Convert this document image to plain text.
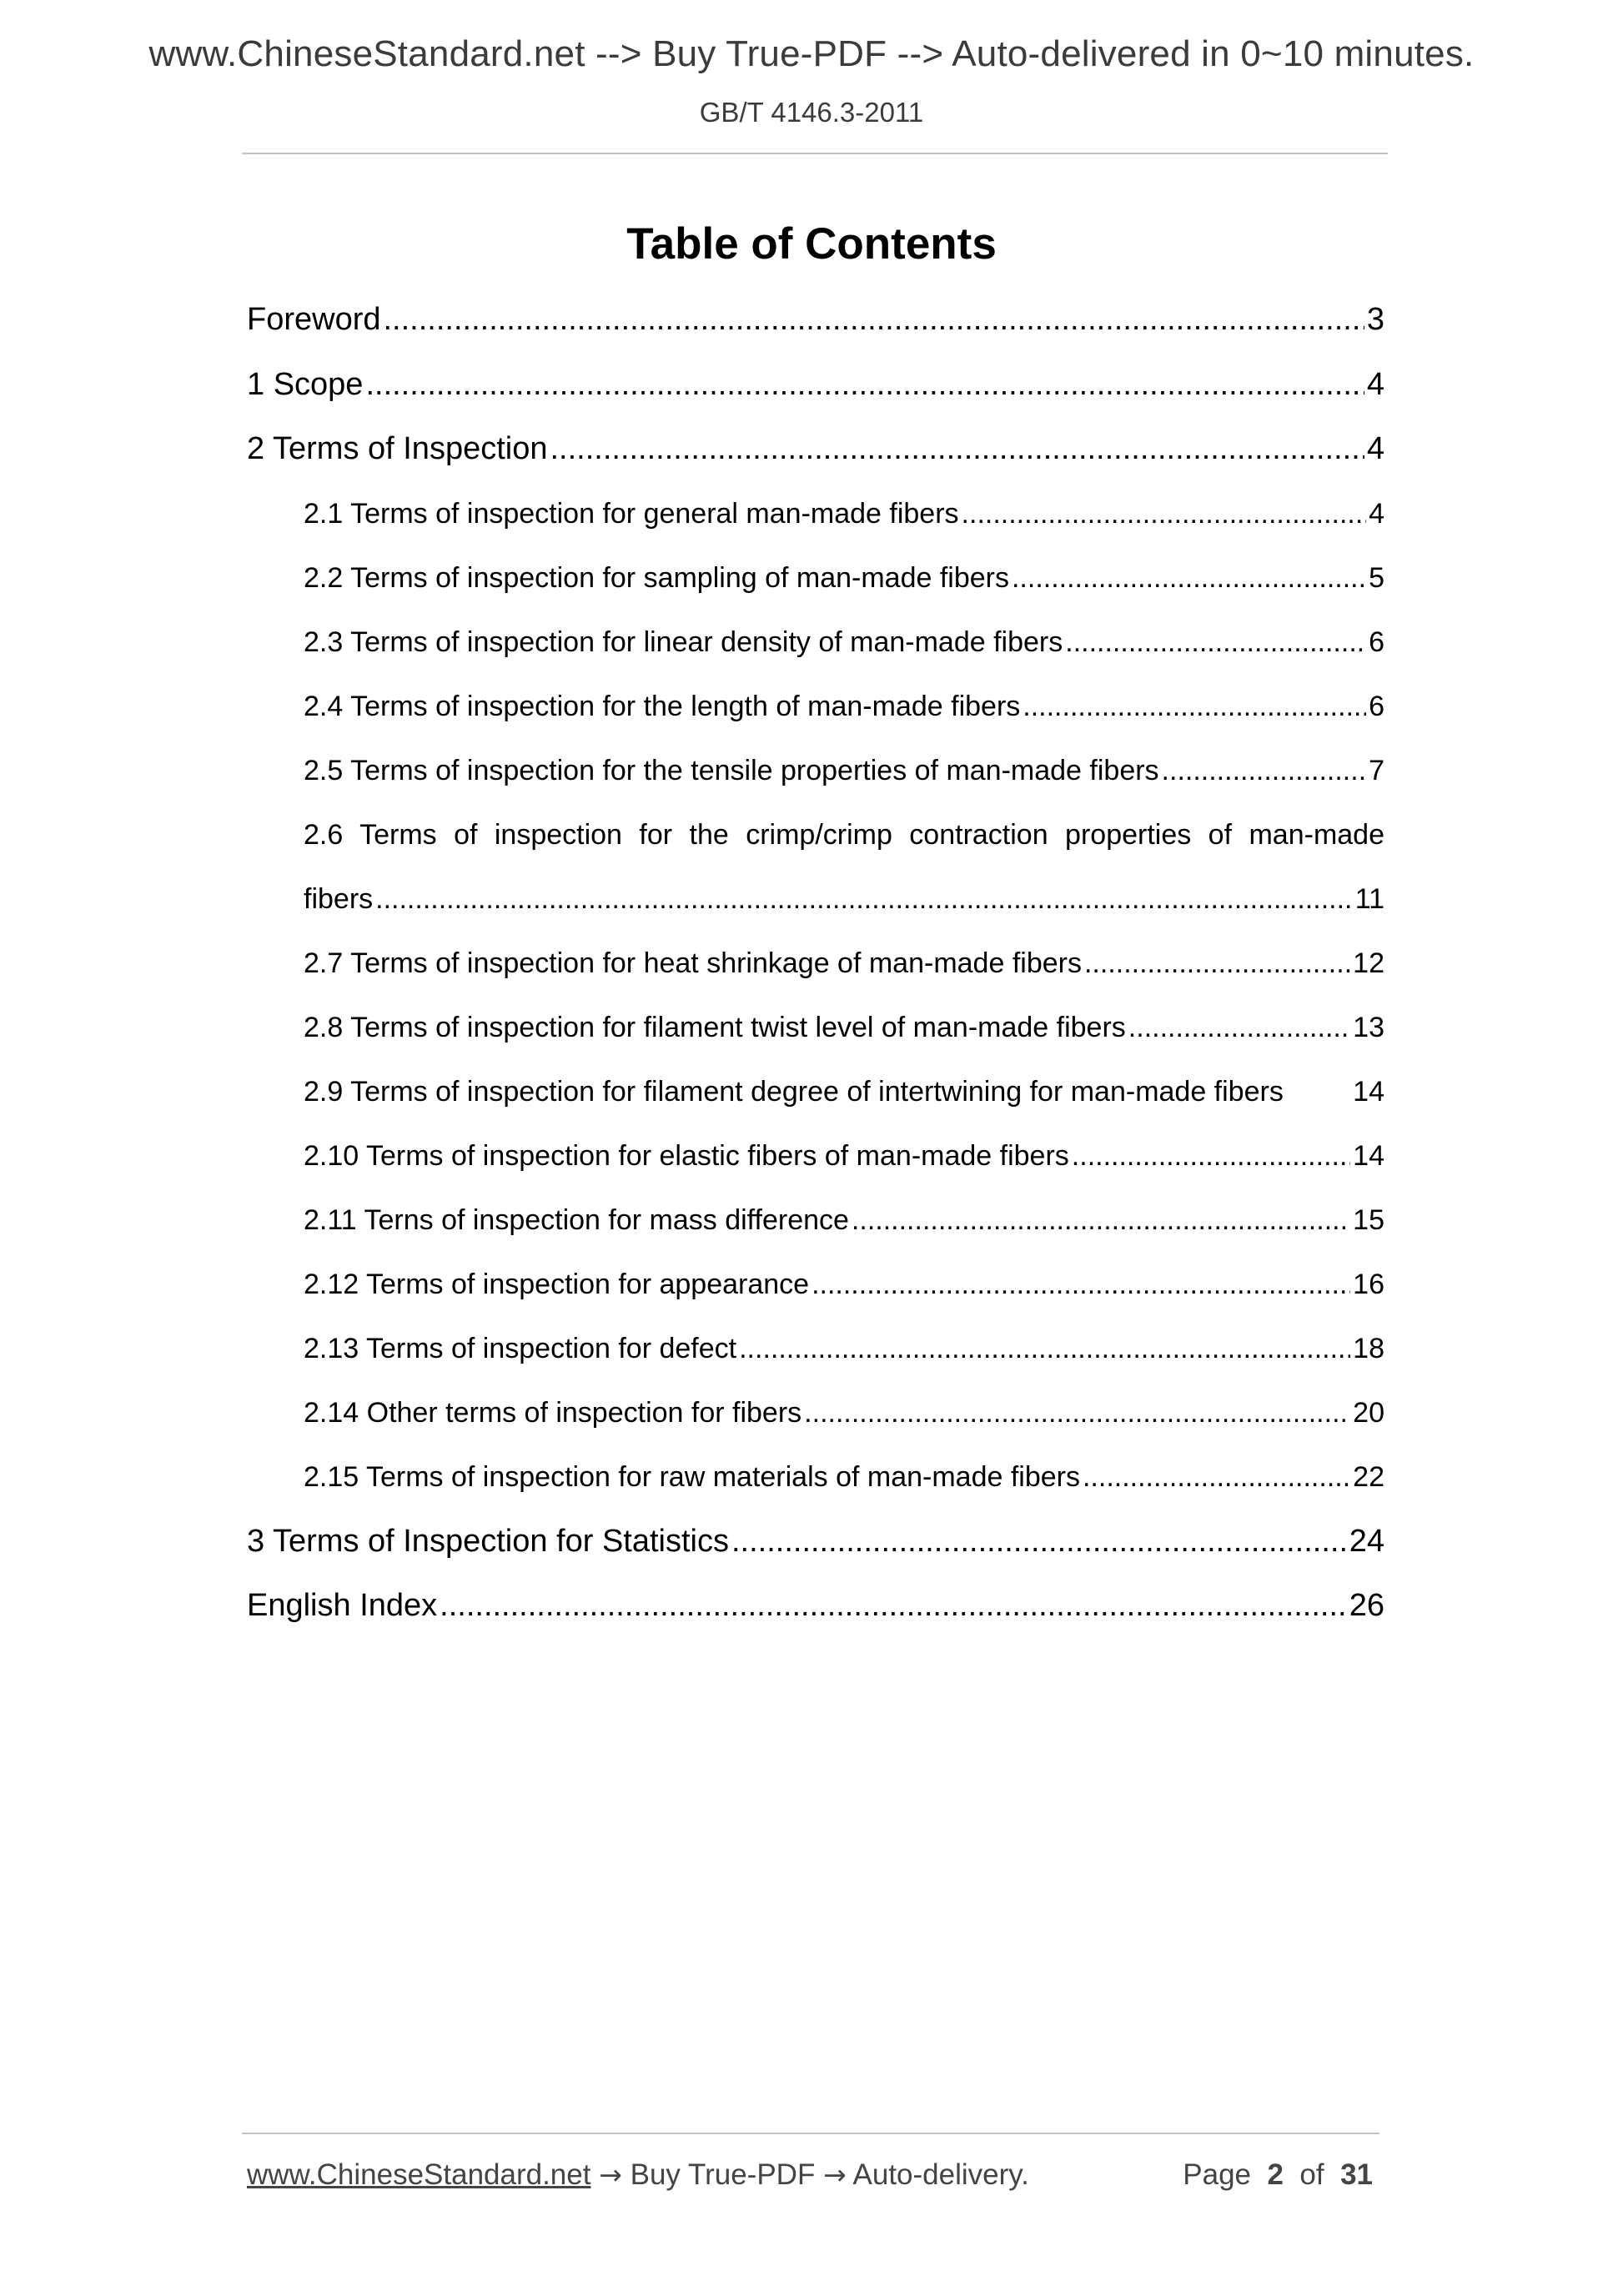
www.ChineseStandard.net --> Buy True-PDF --> Auto-delivered in 0~10 minutes.
GB/T 4146.3-2011
Table of Contents
Foreword .....	3
1 Scope .....	4
2 Terms of Inspection .....	4
2.1 Terms of inspection for general man-made fibers .....	4
2.2 Terms of inspection for sampling of man-made fibers .....	5
2.3 Terms of inspection for linear density of man-made fibers .....	6
2.4 Terms of inspection for the length of man-made fibers .....	6
2.5 Terms of inspection for the tensile properties of man-made fibers .....	7
2.6 Terms of inspection for the crimp/crimp contraction properties of man-made
fibers .....	11
2.7 Terms of inspection for heat shrinkage of man-made fibers .....	12
2.8 Terms of inspection for filament twist level of man-made fibers .....	13
2.9 Terms of inspection for filament degree of intertwining for man-made fibers	14
2.10 Terms of inspection for elastic fibers of man-made fibers .....	14
2.11 Terns of inspection for mass difference .....	15
2.12 Terms of inspection for appearance .....	16
2.13 Terms of inspection for defect .....	18
2.14 Other terms of inspection for fibers .....	20
2.15 Terms of inspection for raw materials of man-made fibers .....	22
3 Terms of Inspection for Statistics .....	24
English Index .....	26
www.ChineseStandard.net → Buy True-PDF → Auto-delivery.	Page 2 of 31
